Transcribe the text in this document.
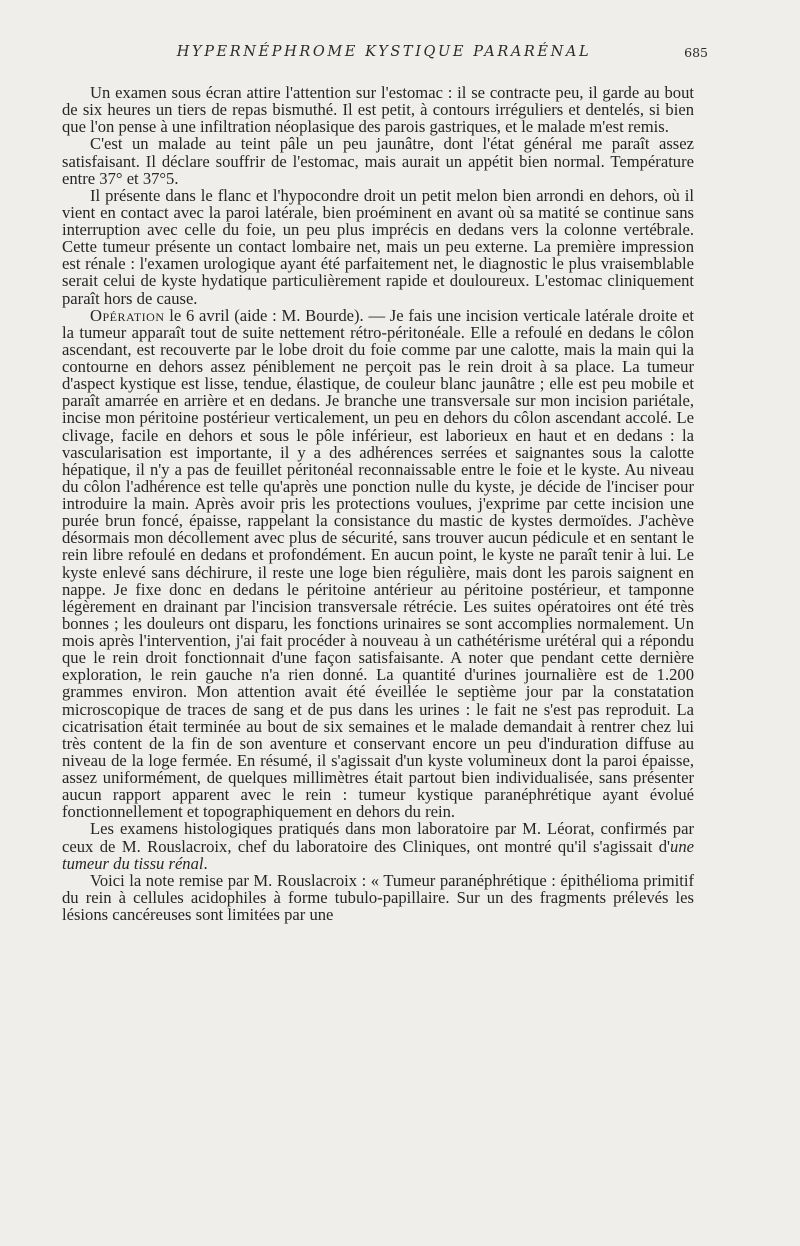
HYPERNÉPHROME KYSTIQUE PARARÉNAL	685

Un examen sous écran attire l'attention sur l'estomac : il se contracte peu, il garde au bout de six heures un tiers de repas bismuthé. Il est petit, à contours irréguliers et dentelés, si bien que l'on pense à une infiltration néoplasique des parois gastriques, et le malade m'est remis.

C'est un malade au teint pâle un peu jaunâtre, dont l'état général me paraît assez satisfaisant. Il déclare souffrir de l'estomac, mais aurait un appétit bien normal. Température entre 37° et 37°5.

Il présente dans le flanc et l'hypocondre droit un petit melon bien arrondi en dehors, où il vient en contact avec la paroi latérale, bien proéminent en avant où sa matité se continue sans interruption avec celle du foie, un peu plus imprécis en dedans vers la colonne vertébrale. Cette tumeur présente un contact lombaire net, mais un peu externe. La première impression est rénale : l'examen urologique ayant été parfaitement net, le diagnostic le plus vraisemblable serait celui de kyste hydatique particulièrement rapide et douloureux. L'estomac cliniquement paraît hors de cause.

Opération le 6 avril (aide : M. Bourde). — Je fais une incision verticale latérale droite et la tumeur apparaît tout de suite nettement rétro-péritonéale. Elle a refoulé en dedans le côlon ascendant, est recouverte par le lobe droit du foie comme par une calotte, mais la main qui la contourne en dehors assez péniblement ne perçoit pas le rein droit à sa place. La tumeur d'aspect kystique est lisse, tendue, élastique, de couleur blanc jaunâtre ; elle est peu mobile et paraît amarrée en arrière et en dedans. Je branche une transversale sur mon incision pariétale, incise mon péritoine postérieur verticalement, un peu en dehors du côlon ascendant accolé. Le clivage, facile en dehors et sous le pôle inférieur, est laborieux en haut et en dedans : la vascularisation est importante, il y a des adhérences serrées et saignantes sous la calotte hépatique, il n'y a pas de feuillet péritonéal reconnaissable entre le foie et le kyste. Au niveau du côlon l'adhérence est telle qu'après une ponction nulle du kyste, je décide de l'inciser pour introduire la main. Après avoir pris les protections voulues, j'exprime par cette incision une purée brun foncé, épaisse, rappelant la consistance du mastic de kystes dermoïdes. J'achève désormais mon décollement avec plus de sécurité, sans trouver aucun pédicule et en sentant le rein libre refoulé en dedans et profondément. En aucun point, le kyste ne paraît tenir à lui. Le kyste enlevé sans déchirure, il reste une loge bien régulière, mais dont les parois saignent en nappe. Je fixe donc en dedans le péritoine antérieur au péritoine postérieur, et tamponne légèrement en drainant par l'incision transversale rétrécie. Les suites opératoires ont été très bonnes ; les douleurs ont disparu, les fonctions urinaires se sont accomplies normalement. Un mois après l'intervention, j'ai fait procéder à nouveau à un cathétérisme urétéral qui a répondu que le rein droit fonctionnait d'une façon satisfaisante. A noter que pendant cette dernière exploration, le rein gauche n'a rien donné. La quantité d'urines journalière est de 1.200 grammes environ. Mon attention avait été éveillée le septième jour par la constatation microscopique de traces de sang et de pus dans les urines : le fait ne s'est pas reproduit. La cicatrisation était terminée au bout de six semaines et le malade demandait à rentrer chez lui très content de la fin de son aventure et conservant encore un peu d'induration diffuse au niveau de la loge fermée. En résumé, il s'agissait d'un kyste volumineux dont la paroi épaisse, assez uniformément, de quelques millimètres était partout bien individualisée, sans présenter aucun rapport apparent avec le rein : tumeur kystique paranéphrétique ayant évolué fonctionnellement et topographiquement en dehors du rein.

Les examens histologiques pratiqués dans mon laboratoire par M. Léorat, confirmés par ceux de M. Rouslacroix, chef du laboratoire des Cliniques, ont montré qu'il s'agissait d'une tumeur du tissu rénal.

Voici la note remise par M. Rouslacroix : « Tumeur paranéphrétique : épithélioma primitif du rein à cellules acidophiles à forme tubulo-papillaire. Sur un des fragments prélevés les lésions cancéreuses sont limitées par une
